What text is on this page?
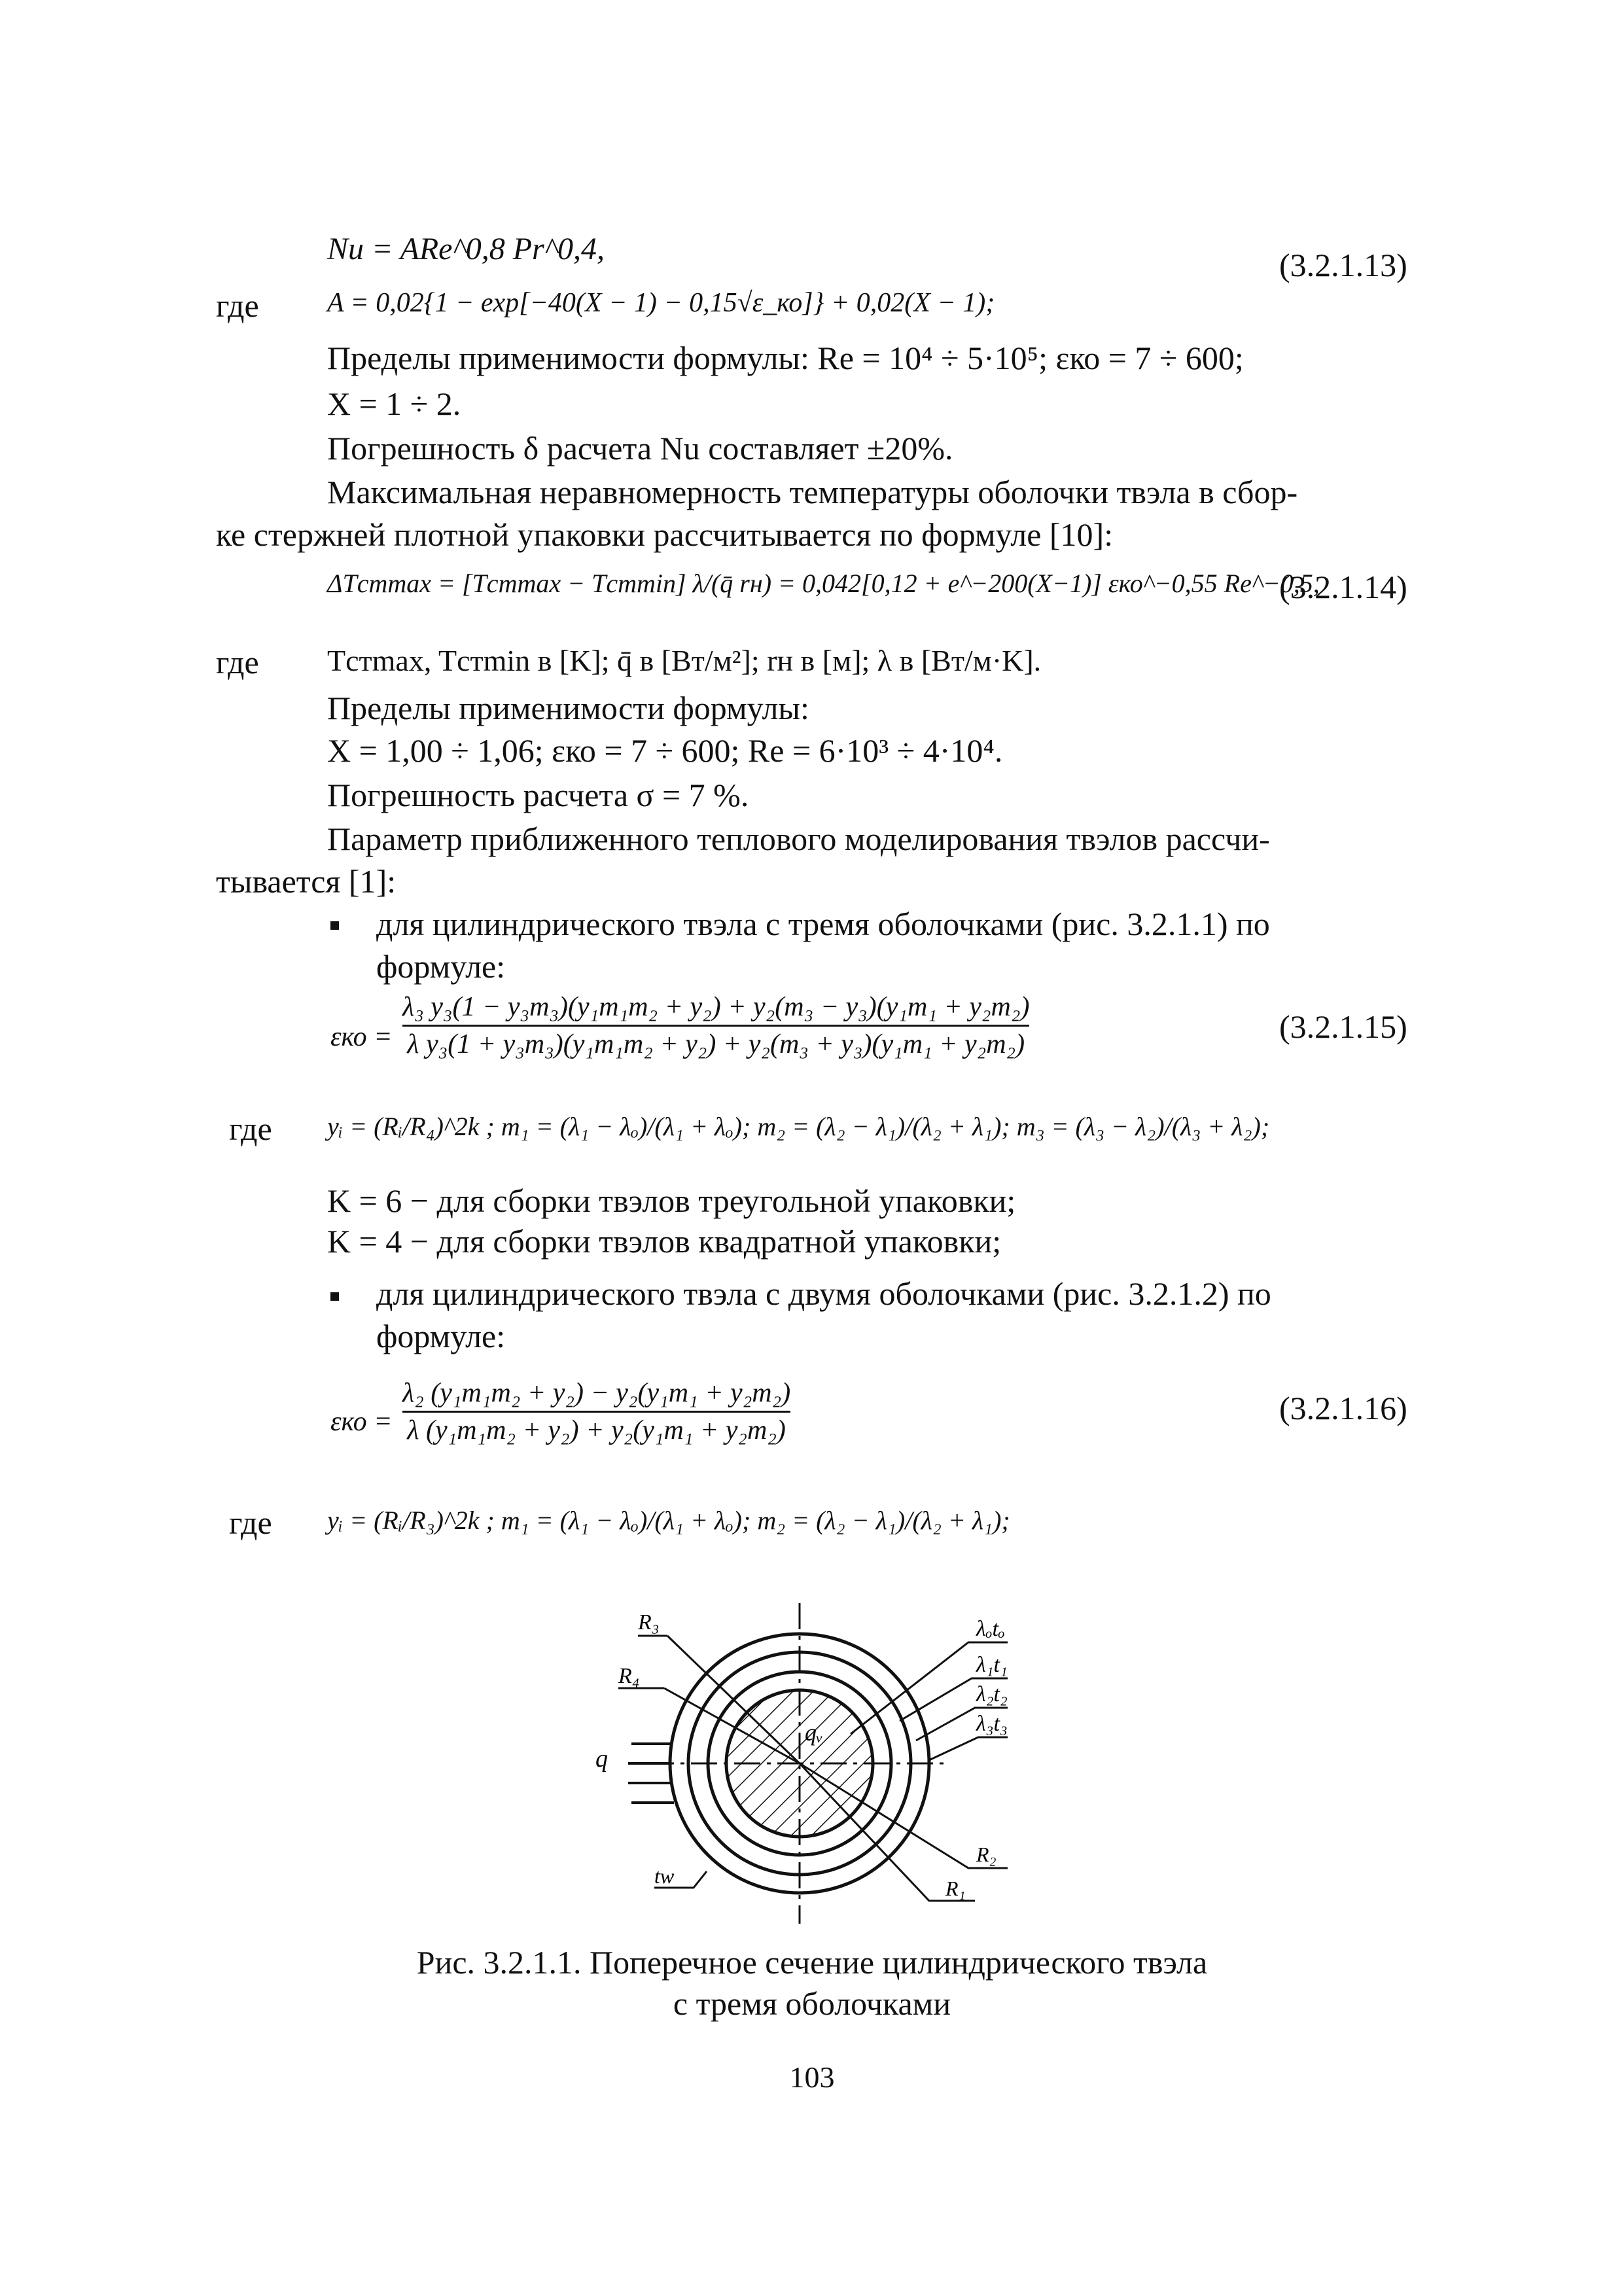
Nu = ARe^0,8 Pr^0,4,	(3.2.1.13)
где A = 0,02{1 − exp[−40(X − 1) − 0,15√ε_ко]} + 0,02(X − 1);
Пределы применимости формулы: Re = 10⁴ ÷ 5·10⁵; εко = 7 ÷ 600;
X = 1 ÷ 2.
Погрешность δ расчета Nu составляет ±20%.
Максимальная неравномерность температуры оболочки твэла в сбор-
ке стержней плотной упаковки рассчитывается по формуле [10]:
ΔTстmax = [Tстmax − Tстmin] λ/(q̄ rн) = 0,042[0,12 + e^−200(X−1)] εко^−0,55 Re^−0,5,
(3.2.1.14)
где Tстmax, Tстmin в [K]; q̄ в [Вт/м²]; rн в [м]; λ в [Вт/м·K].
Пределы применимости формулы:
X = 1,00 ÷ 1,06; εко = 7 ÷ 600; Re = 6·10³ ÷ 4·10⁴.
Погрешность расчета σ = 7 %.
Параметр приближенного теплового моделирования твэлов рассчи-
тывается [1]:
для цилиндрического твэла с тремя оболочками (рис. 3.2.1.1) по
формуле:
εко =
λ₃ y₃(1 − y₃m₃)(y₁m₁m₂ + y₂) + y₂(m₃ − y₃)(y₁m₁ + y₂m₂)
λ y₃(1 + y₃m₃)(y₁m₁m₂ + y₂) + y₂(m₃ + y₃)(y₁m₁ + y₂m₂)	(3.2.1.15)
где yᵢ = (Rᵢ/R₄)^2k ; m₁ = (λ₁ − λₒ)/(λ₁ + λₒ); m₂ = (λ₂ − λ₁)/(λ₂ + λ₁); m₃ = (λ₃ − λ₂)/(λ₃ + λ₂);
K = 6 − для сборки твэлов треугольной упаковки;
K = 4 − для сборки твэлов квадратной упаковки;
для цилиндрического твэла с двумя оболочками (рис. 3.2.1.2) по
формуле:
εко =
λ₂ (y₁m₁m₂ + y₂) − y₂(y₁m₁ + y₂m₂)
λ (y₁m₁m₂ + y₂) + y₂(y₁m₁ + y₂m₂)
(3.2.1.16)
где yᵢ = (Rᵢ/R₃)^2k ; m₁ = (λ₁ − λₒ)/(λ₁ + λₒ); m₂ = (λ₂ − λ₁)/(λ₂ + λ₁);
R₃
R₄
q
qᵥ
tw
λₒtₒ
λ₁t₁
λ₂t₂
λ₃t₃
R₂
R₁
Рис. 3.2.1.1. Поперечное сечение цилиндрического твэла
с тремя оболочками
103
